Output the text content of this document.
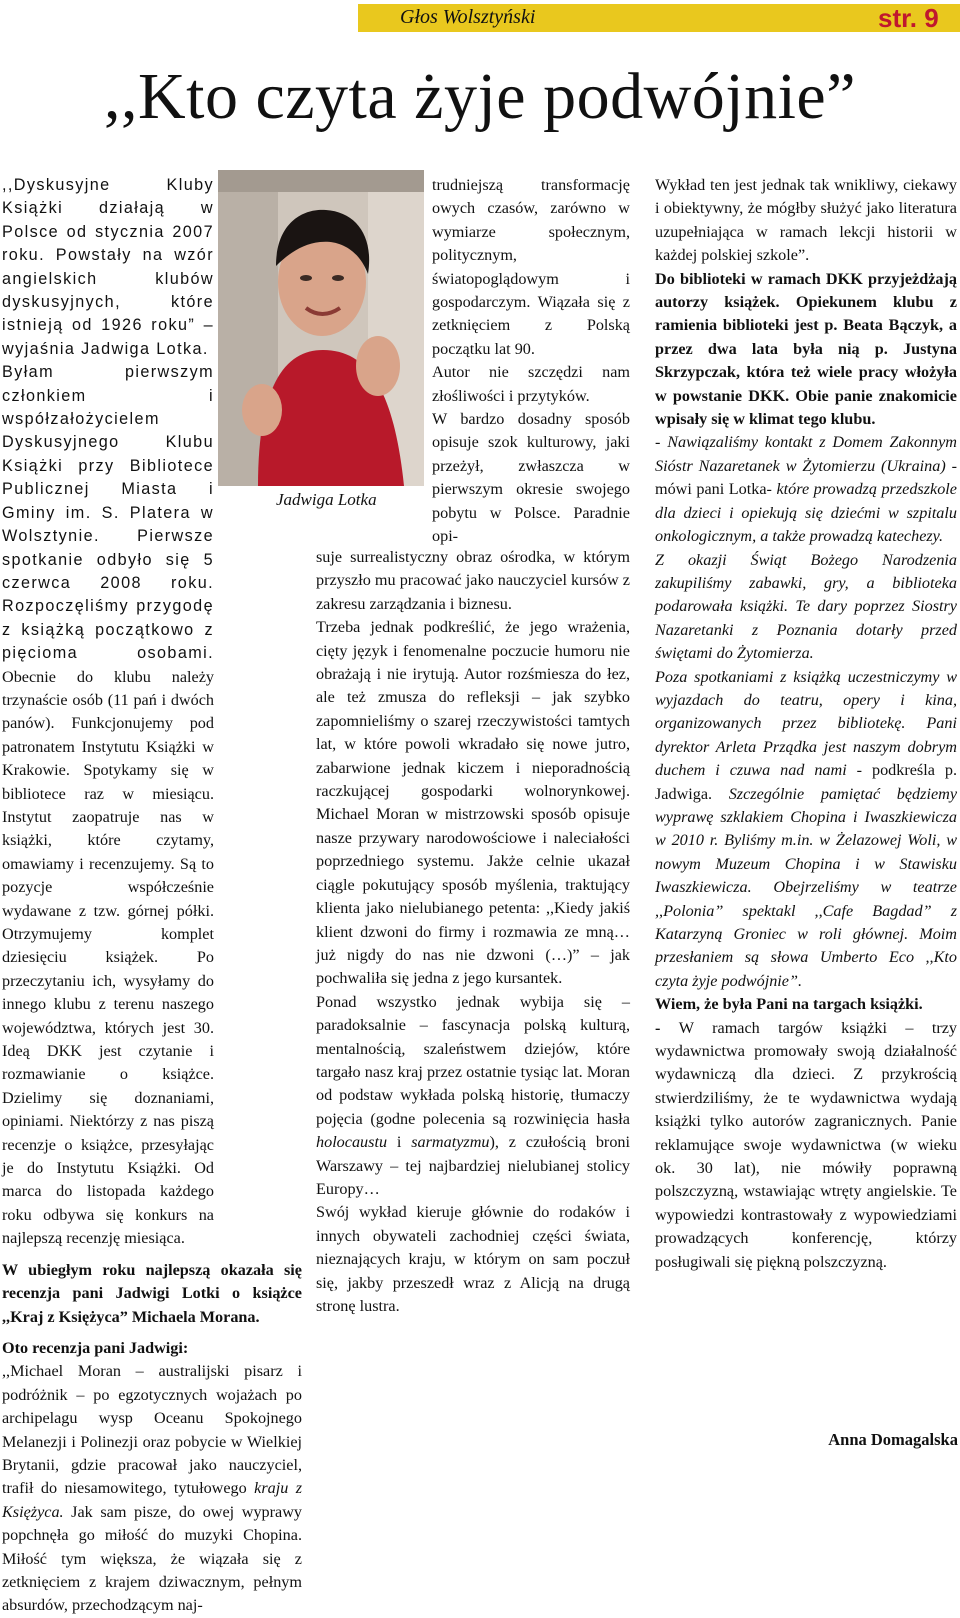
Głos Wolsztyński	str. 9
,,Kto czyta żyje podwójnie”
Jadwiga Lotka

,,Dyskusyjne Kluby Książki działają w Polsce od stycznia 2007 roku. Powstały na wzór angielskich klubów dyskusyjnych, które istnieją od 1926 roku” – wyjaśnia Jadwiga Lotka.

Byłam pierwszym członkiem i współzałożycielem Dyskusyjnego Klubu Książki przy Bibliotece Publicznej Miasta i Gminy im. S. Platera w Wolsztynie. Pierwsze spotkanie odbyło się 5 czerwca 2008 roku. Rozpoczęliśmy przygodę z książką początkowo z pięcioma osobami. Obecnie do klubu należy trzynaście osób (11 pań i dwóch panów). Funkcjonujemy pod patronatem Instytutu Książki w Krakowie. Spotykamy się w bibliotece raz w miesiącu. Instytut zaopatruje nas w książki, które czytamy, omawiamy i recenzujemy. Są to pozycje współcześnie wydawane z tzw. górnej półki. Otrzymujemy komplet dziesięciu książek. Po przeczytaniu ich, wysyłamy do innego klubu z terenu naszego województwa, których jest 30. Ideą DKK jest czytanie i rozmawianie o książce. Dzielimy się doznaniami, opiniami. Niektórzy z nas piszą recenzje o książce, przesyłając je do Instytutu Książki. Od marca do listopada każdego roku odbywa się konkurs na najlepszą recenzję miesiąca.

W ubiegłym roku najlepszą okazała się recenzja pani Jadwigi Lotki o książce ,,Kraj z Księżyca” Michaela Morana.

Oto recenzja pani Jadwigi:

,,Michael Moran – australijski pisarz i podróżnik – po egzotycznych wojażach po archipelagu wysp Oceanu Spokojnego Melanezji i Polinezji oraz pobycie w Wielkiej Brytanii, gdzie pracował jako nauczyciel, trafił do niesamowitego, tytułowego kraju z Księżyca. Jak sam pisze, do owej wyprawy popchnęła go miłość do muzyki Chopina. Miłość tym większa, że wiązała się z zetknięciem z krajem dziwacznym, pełnym absurdów, przechodzącym naj-

trudniejszą transformację owych czasów, zarówno w wymiarze społecznym, politycznym, światopoglądowym i gospodarczym. Wiązała się z zetknięciem z Polską początku lat 90.

Autor nie szczędzi nam złośliwości i przytyków.

W bardzo dosadny sposób opisuje szok kulturowy, jaki przeżył, zwłaszcza w pierwszym okresie swojego pobytu w Polsce. Paradnie opi-

suje surrealistyczny obraz ośrodka, w którym przyszło mu pracować jako nauczyciel kursów z zakresu zarządzania i biznesu.

Trzeba jednak podkreślić, że jego wrażenia, cięty język i fenomenalne poczucie humoru nie obrażają i nie irytują. Autor rozśmiesza do łez, ale też zmusza do refleksji – jak szybko zapomnieliśmy o szarej rzeczywistości tamtych lat, w które powoli wkradało się nowe jutro, zabarwione jednak kiczem i nieporadnością raczkującej gospodarki wolnorynkowej. Michael Moran w mistrzowski sposób opisuje nasze przywary narodowościowe i naleciałości poprzedniego systemu. Jakże celnie ukazał ciągle pokutujący sposób myślenia, traktujący klienta jako nielubianego petenta: ,,Kiedy jakiś klient dzwoni do firmy i rozmawia ze mną… już nigdy do nas nie dzwoni (…)” – jak pochwaliła się jedna z jego kursantek.

Ponad wszystko jednak wybija się – paradoksalnie – fascynacja polską kulturą, mentalnością, szaleństwem dziejów, które targało nasz kraj przez ostatnie tysiąc lat. Moran od podstaw wykłada polską historię, tłumaczy pojęcia (godne polecenia są rozwinięcia hasła holocaustu i sarmatyzmu), z czułością broni Warszawy – tej najbardziej nielubianej stolicy Europy…

Swój wykład kieruje głównie do rodaków i innych obywateli zachodniej części świata, nieznających kraju, w którym on sam poczuł się, jakby przeszedł wraz z Alicją na drugą stronę lustra.

Wykład ten jest jednak tak wnikliwy, ciekawy i obiektywny, że mógłby służyć jako literatura uzupełniająca w ramach lekcji historii w każdej polskiej szkole”.

Do biblioteki w ramach DKK przyjeżdżają autorzy książek. Opiekunem klubu z ramienia biblioteki jest p. Beata Bączyk, a przez dwa lata była nią p. Justyna Skrzypczak, która też wiele pracy włożyła w powstanie DKK. Obie panie znakomicie wpisały się w klimat tego klubu.

- Nawiązaliśmy kontakt z Domem Zakonnym Sióstr Nazaretanek w Żytomierzu (Ukraina) - mówi pani Lotka- które prowadzą przedszkole dla dzieci i opiekują się dziećmi w szpitalu onkologicznym, a także prowadzą katechezy.

Z okazji Świąt Bożego Narodzenia zakupiliśmy zabawki, gry, a biblioteka podarowała książki. Te dary poprzez Siostry Nazaretanki z Poznania dotarły przed świętami do Żytomierza.

Poza spotkaniami z książką uczestniczymy w wyjazdach do teatru, opery i kina, organizowanych przez bibliotekę. Pani dyrektor Arleta Prządka jest naszym dobrym duchem i czuwa nad nami - podkreśla p. Jadwiga. Szczególnie pamiętać będziemy wyprawę szklakiem Chopina i Iwaszkiewicza w 2010 r. Byliśmy m.in. w Żelazowej Woli, w nowym Muzeum Chopina i w Stawisku Iwaszkiewicza. Obejrzeliśmy w teatrze ,,Polonia” spektakl ,,Cafe Bagdad” z Katarzyną Groniec w roli głównej. Moim przesłaniem są słowa Umberto Eco ,,Kto czyta żyje podwójnie”.

Wiem, że była Pani na targach książki.

- W ramach targów książki – trzy wydawnictwa promowały swoją działalność wydawniczą dla dzieci. Z przykrością stwierdziliśmy, że te wydawnictwa wydają książki tylko autorów zagranicznych. Panie reklamujące swoje wydawnictwa (w wieku ok. 30 lat), nie mówiły poprawną polszczyzną, wstawiając wtręty angielskie. Te wypowiedzi kontrastowały z wypowiedziami prowadzących konferencję, którzy posługiwali się piękną polszczyzną.

Anna Domagalska
